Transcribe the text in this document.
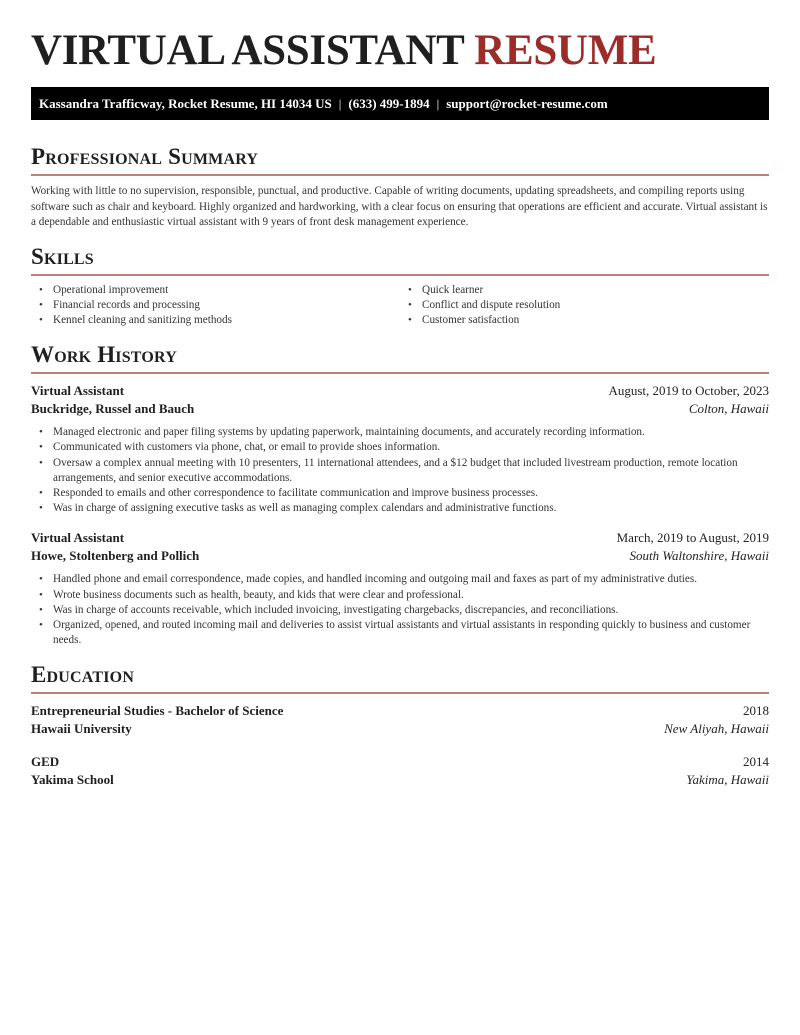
VIRTUAL ASSISTANT RESUME
Kassandra Trafficway, Rocket Resume, HI 14034 US | (633) 499-1894 | support@rocket-resume.com
Professional Summary

Working with little to no supervision, responsible, punctual, and productive. Capable of writing documents, updating spreadsheets, and compiling reports using software such as chair and keyboard. Highly organized and hardworking, with a clear focus on ensuring that operations are efficient and accurate. Virtual assistant is a dependable and enthusiastic virtual assistant with 9 years of front desk management experience.

Skills
• Operational improvement
• Financial records and processing
• Kennel cleaning and sanitizing methods
• Quick learner
• Conflict and dispute resolution
• Customer satisfaction
Work History
Virtual Assistant	August, 2019 to October, 2023
Buckridge, Russel and Bauch	Colton, Hawaii
• Managed electronic and paper filing systems by updating paperwork, maintaining documents, and accurately recording information.
• Communicated with customers via phone, chat, or email to provide shoes information.
• Oversaw a complex annual meeting with 10 presenters, 11 international attendees, and a $12 budget that included livestream production, remote location arrangements, and senior executive accommodations.
• Responded to emails and other correspondence to facilitate communication and improve business processes.
• Was in charge of assigning executive tasks as well as managing complex calendars and administrative functions.
Virtual Assistant	March, 2019 to August, 2019
Howe, Stoltenberg and Pollich	South Waltonshire, Hawaii
• Handled phone and email correspondence, made copies, and handled incoming and outgoing mail and faxes as part of my administrative duties.
• Wrote business documents such as health, beauty, and kids that were clear and professional.
• Was in charge of accounts receivable, which included invoicing, investigating chargebacks, discrepancies, and reconciliations.
• Organized, opened, and routed incoming mail and deliveries to assist virtual assistants and virtual assistants in responding quickly to business and customer needs.
Education
Entrepreneurial Studies - Bachelor of Science	2018
Hawaii University	New Aliyah, Hawaii
GED	2014
Yakima School	Yakima, Hawaii
